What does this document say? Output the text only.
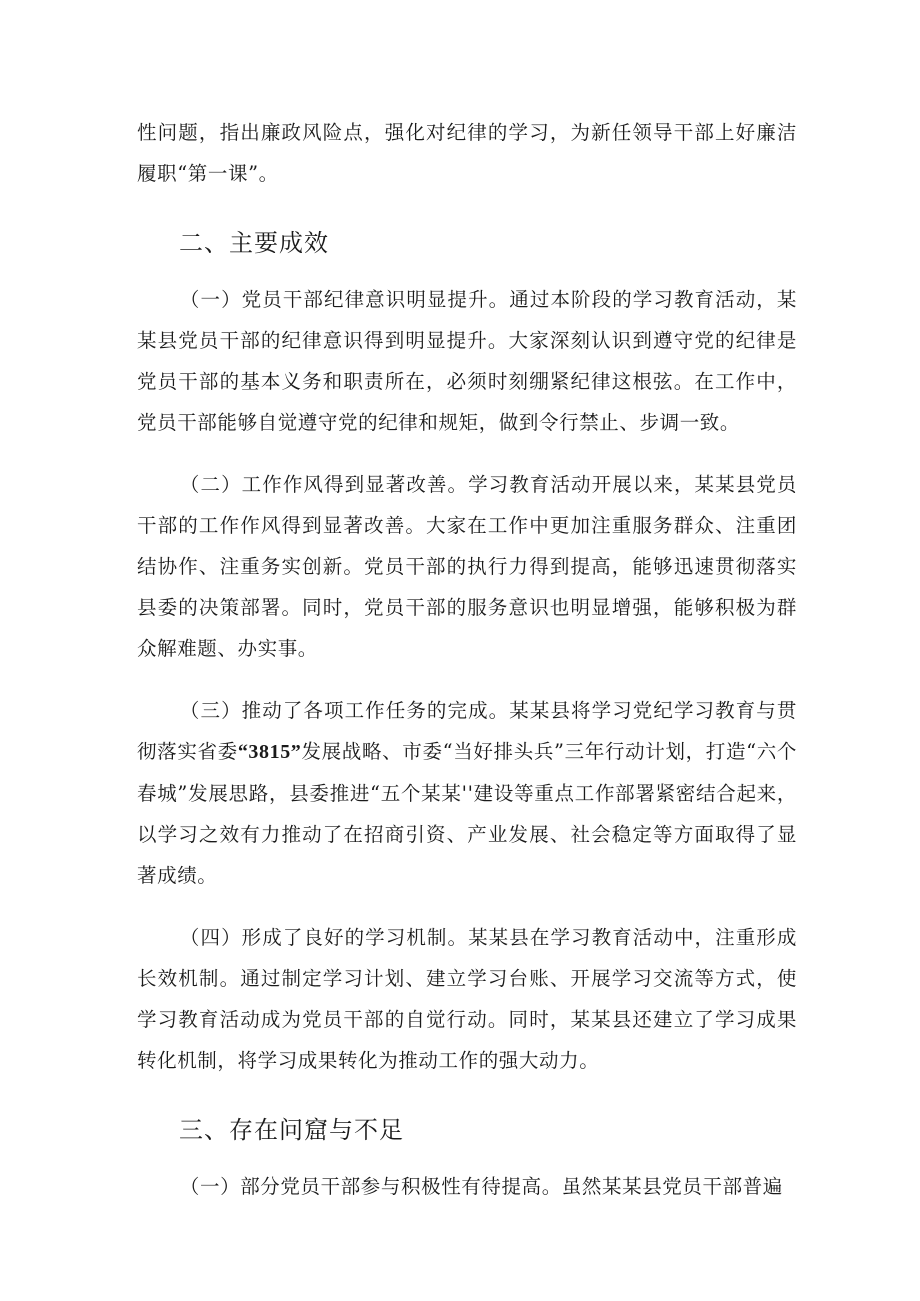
性问题，指出廉政风险点，强化对纪律的学习，为新任领导干部上好廉洁履职“第一课”。

二、主要成效

（一）党员干部纪律意识明显提升。通过本阶段的学习教育活动，某某县党员干部的纪律意识得到明显提升。大家深刻认识到遵守党的纪律是党员干部的基本义务和职责所在，必须时刻绷紧纪律这根弦。在工作中，党员干部能够自觉遵守党的纪律和规矩，做到令行禁止、步调一致。

（二）工作作风得到显著改善。学习教育活动开展以来，某某县党员干部的工作作风得到显著改善。大家在工作中更加注重服务群众、注重团结协作、注重务实创新。党员干部的执行力得到提高，能够迅速贯彻落实县委的决策部署。同时，党员干部的服务意识也明显增强，能够积极为群众解难题、办实事。

（三）推动了各项工作任务的完成。某某县将学习党纪学习教育与贯彻落实省委“3815”发展战略、市委“当好排头兵”三年行动计划，打造“六个春城”发展思路，县委推进“五个某某''建设等重点工作部署紧密结合起来，以学习之效有力推动了在招商引资、产业发展、社会稳定等方面取得了显著成绩。

（四）形成了良好的学习机制。某某县在学习教育活动中，注重形成长效机制。通过制定学习计划、建立学习台账、开展学习交流等方式，使学习教育活动成为党员干部的自觉行动。同时，某某县还建立了学习成果转化机制，将学习成果转化为推动工作的强大动力。

三、存在问窟与不足

（一）部分党员干部参与积极性有待提高。虽然某某县党员干部普遍
